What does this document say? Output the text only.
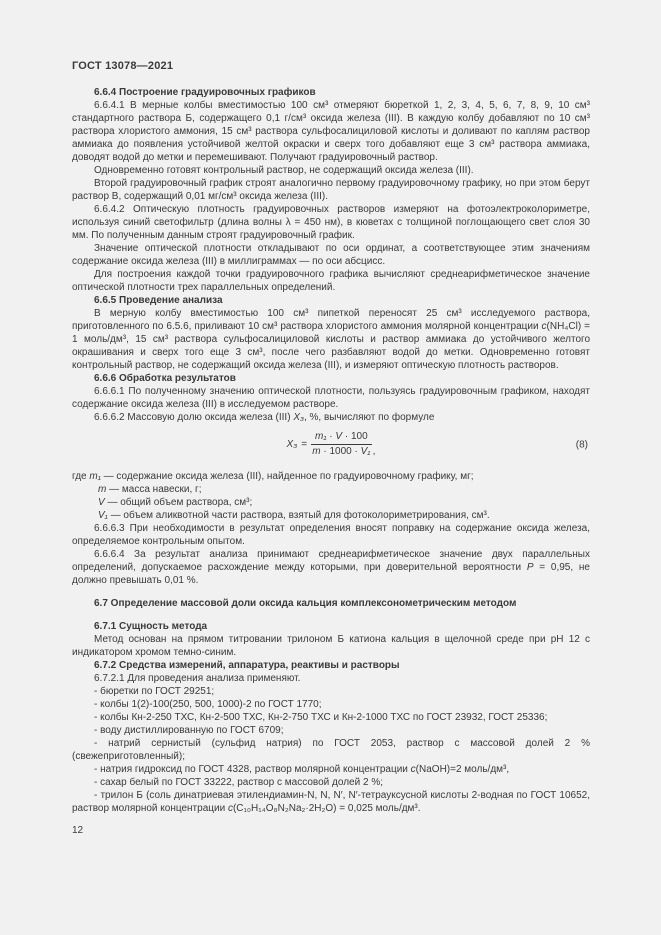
ГОСТ 13078—2021
6.6.4 Построение градуировочных графиков
6.6.4.1 В мерные колбы вместимостью 100 см³ отмеряют бюреткой 1, 2, 3, 4, 5, 6, 7, 8, 9, 10 см³ стандартного раствора Б, содержащего 0,1 г/см³ оксида железа (III). В каждую колбу добавляют по 10 см³ раствора хлористого аммония, 15 см³ раствора сульфосалициловой кислоты и доливают по каплям раствор аммиака до появления устойчивой желтой окраски и сверх того добавляют еще 3 см³ раствора аммиака, доводят водой до метки и перемешивают. Получают градуировочный раствор.
Одновременно готовят контрольный раствор, не содержащий оксида железа (III).
Второй градуировочный график строят аналогично первому градуировочному графику, но при этом берут раствор В, содержащий 0,01 мг/см³ оксида железа (III).
6.6.4.2 Оптическую плотность градуировочных растворов измеряют на фотоэлектроколориметре, используя синий светофильтр (длина волны λ = 450 нм), в кюветах с толщиной поглощающего свет слоя 30 мм. По полученным данным строят градуировочный график.
Значение оптической плотности откладывают по оси ординат, а соответствующее этим значениям содержание оксида железа (III) в миллиграммах — по оси абсцисс.
Для построения каждой точки градуировочного графика вычисляют среднеарифметическое значение оптической плотности трех параллельных определений.
6.6.5 Проведение анализа
В мерную колбу вместимостью 100 см³ пипеткой переносят 25 см³ исследуемого раствора, приготовленного по 6.5.6, приливают 10 см³ раствора хлористого аммония молярной концентрации c(NH₄Cl) = 1 моль/дм³, 15 см³ раствора сульфосалициловой кислоты и раствор аммиака до устойчивого желтого окрашивания и сверх того еще 3 см³, после чего разбавляют водой до метки. Одновременно готовят контрольный раствор, не содержащий оксида железа (III), и измеряют оптическую плотность растворов.
6.6.6 Обработка результатов
6.6.6.1 По полученному значению оптической плотности, пользуясь градуировочным графиком, находят содержание оксида железа (III) в исследуемом растворе.
6.6.6.2 Массовую долю оксида железа (III) X₃, %, вычисляют по формуле
$X_3 = \frac{\text{m₁ · V · 100}}{\text{m · 1000 · V₁}}$ ,
(8)
где m₁ — содержание оксида железа (III), найденное по градуировочному графику, мг;
m — масса навески, г;
V — общий объем раствора, см³;
V₁ — объем аликвотной части раствора, взятый для фотоколориметрирования, см³.
6.6.6.3 При необходимости в результат определения вносят поправку на содержание оксида железа, определяемое контрольным опытом.
6.6.6.4 За результат анализа принимают среднеарифметическое значение двух параллельных определений, допускаемое расхождение между которыми, при доверительной вероятности P = 0,95, не должно превышать 0,01 %.
6.7 Определение массовой доли оксида кальция комплексонометрическим методом
6.7.1 Сущность метода
Метод основан на прямом титровании трилоном Б катиона кальция в щелочной среде при pH 12 с индикатором хромом темно-синим.
6.7.2 Средства измерений, аппаратура, реактивы и растворы
6.7.2.1 Для проведения анализа применяют.
- бюретки по ГОСТ 29251;
- колбы 1(2)-100(250, 500, 1000)-2 по ГОСТ 1770;
- колбы Кн-2-250 ТХС, Кн-2-500 ТХС, Кн-2-750 ТХС и Кн-2-1000 ТХС по ГОСТ 23932, ГОСТ 25336;
- воду дистиллированную по ГОСТ 6709;
- натрий сернистый (сульфид натрия) по ГОСТ 2053, раствор с массовой долей 2 % (свежеприготовленный);
- натрия гидроксид по ГОСТ 4328, раствор молярной концентрации c(NaOH)=2 моль/дм³,
- сахар белый по ГОСТ 33222, раствор с массовой долей 2 %;
- трилон Б (соль динатриевая этилендиамин-N, N, N′, N′-тетрауксусной кислоты 2-водная по ГОСТ 10652, раствор молярной концентрации c(C₁₀H₁₄O₈N₂Na₂·2H₂O) = 0,025 моль/дм³.
12
